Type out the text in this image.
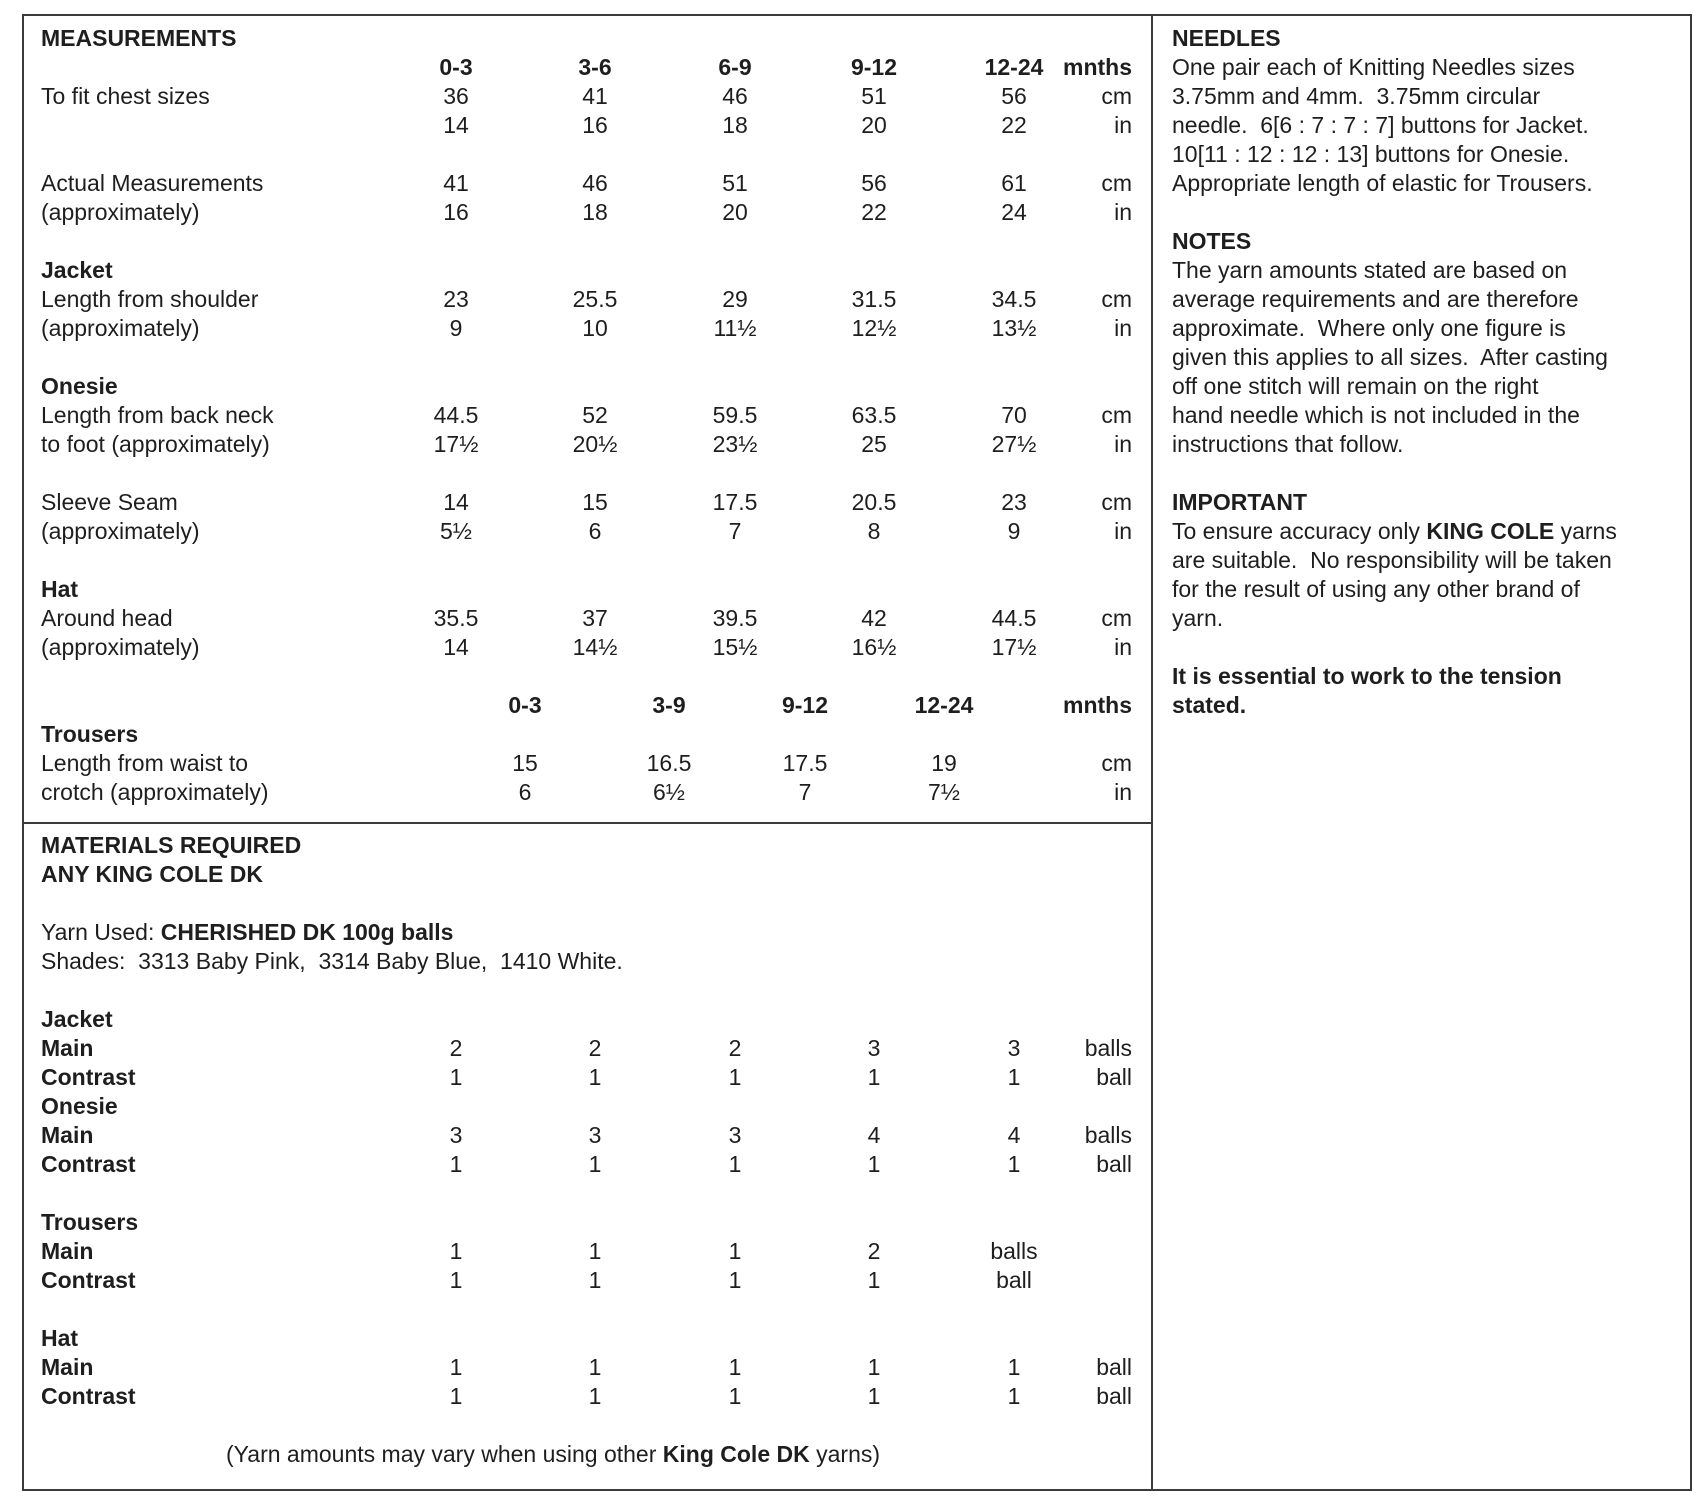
MEASUREMENTS
0-3	3-6	6-9	9-12	12-24 mnths
To fit chest sizes	36	41	46	51	56	cm
14	16	18	20	22	in
Actual Measurements
(approximately)
41	46	51	56	61	cm
16	18	20	22	24	in
Jacket
Length from shoulder
(approximately)
23	25.5	29	31.5	34.5	cm
9	10	11½	12½	13½	in
Onesie
Length from back neck
to foot (approximately)
44.5	52	59.5	63.5	70	cm
17½	20½	23½	25	27½	in
Sleeve Seam
(approximately)
14	15	17.5	20.5	23	cm
5½	6	7	8	9	in
Hat
Around head
(approximately)
35.5	37	39.5	42	44.5	cm
14	14½	15½	16½	17½	in
0-3	3-9	9-12	12-24	mnths
Trousers
Length from waist to
crotch (approximately)
15	16.5	17.5	19	cm
6	6½	7	7½	in
MATERIALS REQUIRED
ANY KING COLE DK
Yarn Used: CHERISHED DK 100g balls
Shades:  3313 Baby Pink,  3314 Baby Blue,  1410 White.
Jacket
Main	2	2	2	3	3	balls
Contrast	1	1	1	1	1	ball
Onesie
Main	3	3	3	4	4	balls
Contrast	1	1	1	1	1	ball
Trousers
Main	1	1	1	2	balls
Contrast	1	1	1	1	ball
Hat
Main	1	1	1	1	1	ball
Contrast	1	1	1	1	1	ball
(Yarn amounts may vary when using other King Cole DK yarns)
NEEDLES
One pair each of Knitting Needles sizes
3.75mm and 4mm.  3.75mm circular
needle.  6[6 : 7 : 7 : 7] buttons for Jacket.
10[11 : 12 : 12 : 13] buttons for Onesie.
Appropriate length of elastic for Trousers.
NOTES
The yarn amounts stated are based on
average requirements and are therefore
approximate.  Where only one figure is
given this applies to all sizes.  After casting
off one stitch will remain on the right
hand needle which is not included in the
instructions that follow.
IMPORTANT
To ensure accuracy only KING COLE yarns
are suitable.  No responsibility will be taken
for the result of using any other brand of
yarn.
It is essential to work to the tension
stated.
